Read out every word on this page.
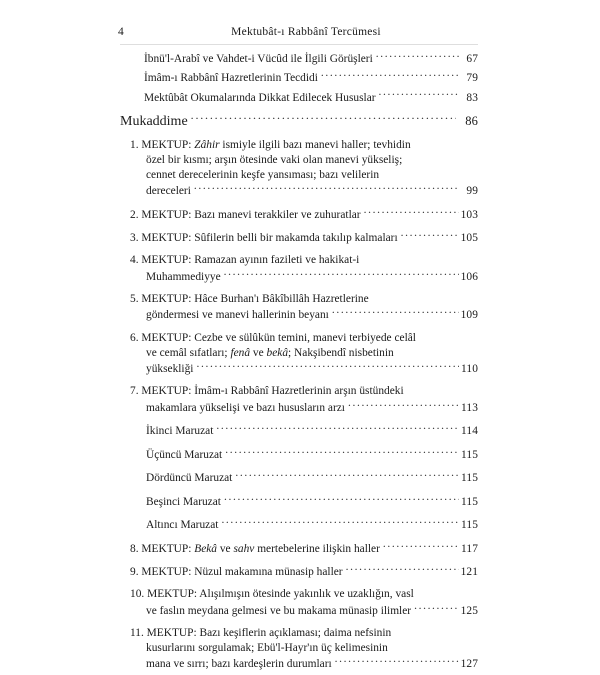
4	Mektubât-ı Rabbânî Tercümesi
İbnü'l-Arabî ve Vahdet-i Vücûd ile İlgili Görüşleri . . .	67
İmâm-ı Rabbânî Hazretlerinin Tecdidi . . .	79
Mektûbât Okumalarında Dikkat Edilecek Hususlar . . .	83
Mukaddime . . .	86
1. MEKTUP: Zâhir ismiyle ilgili bazı manevi haller; tevhidin
özel bir kısmı; arşın ötesinde vaki olan manevi yükseliş;
cennet derecelerinin keşfe yansıması; bazı velilerin
dereceleri . . .	99
2. MEKTUP: Bazı manevi terakkiler ve zuhuratlar . . .	103
3. MEKTUP: Sûfilerin belli bir makamda takılıp kalmaları . . .	105
4. MEKTUP: Ramazan ayının fazileti ve hakikat-i
Muhammediyye . . .	106
5. MEKTUP: Hâce Burhan'ı Bâkîbillâh Hazretlerine
göndermesi ve manevi hallerinin beyanı . . .	109
6. MEKTUP: Cezbe ve sülûkün temini, manevi terbiyede celâl
ve cemâl sıfatları; fenâ ve bekâ; Nakşibendî nisbetinin
yüksekliği . . .	110
7. MEKTUP: İmâm-ı Rabbânî Hazretlerinin arşın üstündeki
makamlara yükselişi ve bazı hususların arzı . . .	113
İkinci Maruzat . . .	114
Üçüncü Maruzat . . .	115
Dördüncü Maruzat . . .	115
Beşinci Maruzat . . .	115
Altıncı Maruzat . . .	115
8. MEKTUP: Bekâ ve sahv mertebelerine ilişkin haller . . .	117
9. MEKTUP: Nüzul makamına münasip haller . . .	121
10. MEKTUP: Alışılmışın ötesinde yakınlık ve uzaklığın, vasl
ve faslın meydana gelmesi ve bu makama münasip ilimler . . .	125
11. MEKTUP: Bazı keşiflerin açıklaması; daima nefsinin
kusurlarını sorgulamak; Ebü'l-Hayr'ın üç kelimesinin
mana ve sırrı; bazı kardeşlerin durumları . . .	127
